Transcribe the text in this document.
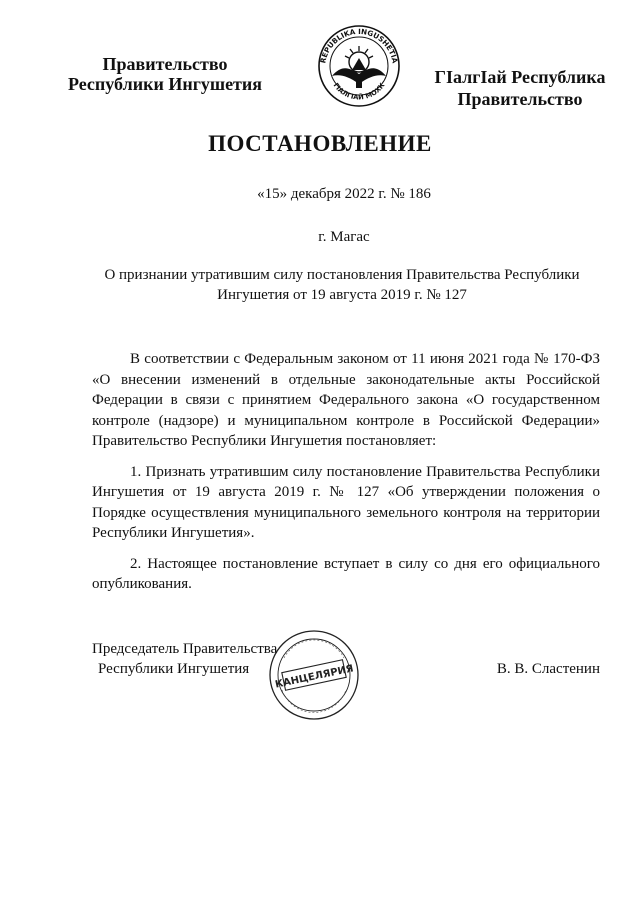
Правительство
Республики Ингушетия
REPUBLIKA INGUSHETIA
ГIАЛГIАЙ МОХК	ГIалгIай Республика
Правительство
ПОСТАНОВЛЕНИЕ
«15» декабря 2022 г. № 186
г. Магас
О признании утратившим силу постановления Правительства Республики Ингушетия от 19 августа 2019 г. № 127

В соответствии с Федеральным законом от 11 июня 2021 года № 170-ФЗ «О внесении изменений в отдельные законодательные акты Российской Федерации в связи с принятием Федерального закона «О государственном контроле (надзоре) и муниципальном контроле в Российской Федерации» Правительство Республики Ингушетия постановляет:

1. Признать утратившим силу постановление Правительства Республики Ингушетия от 19 августа 2019 г. № 127 «Об утверждении положения о Порядке осуществления муниципального земельного контроля на территории Республики Ингушетия».

2. Настоящее постановление вступает в силу со дня его официального опубликования.

Председатель Правительства
Республики Ингушетия	КАНЦЕЛЯРИЯ	В. В. Сластенин
